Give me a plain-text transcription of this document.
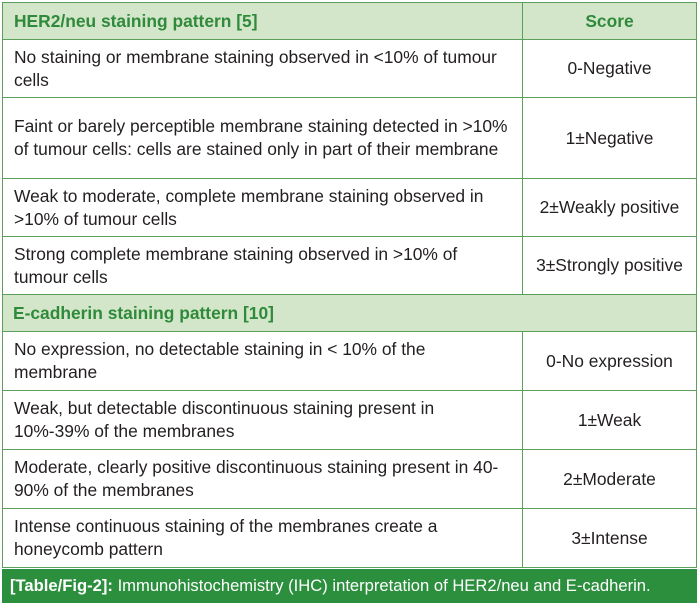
HER2/neu staining pattern [5]	Score
No staining or membrane staining observed in <10% of tumour cells	0-Negative
Faint or barely perceptible membrane staining detected in >10% of tumour cells: cells are stained only in part of their membrane	1±Negative
Weak to moderate, complete membrane staining observed in >10% of tumour cells	2±Weakly positive
Strong complete membrane staining observed in >10% of tumour cells	3±Strongly positive
E-cadherin staining pattern [10]	
No expression, no detectable staining in < 10% of the membrane	0-No expression
Weak, but detectable discontinuous staining present in 10%-39% of the membranes	1±Weak
Moderate, clearly positive discontinuous staining present in 40-90% of the membranes	2±Moderate
Intense continuous staining of the membranes create a honeycomb pattern	3±Intense
[Table/Fig-2]: Immunohistochemistry (IHC) interpretation of HER2/neu and E-cadherin.
